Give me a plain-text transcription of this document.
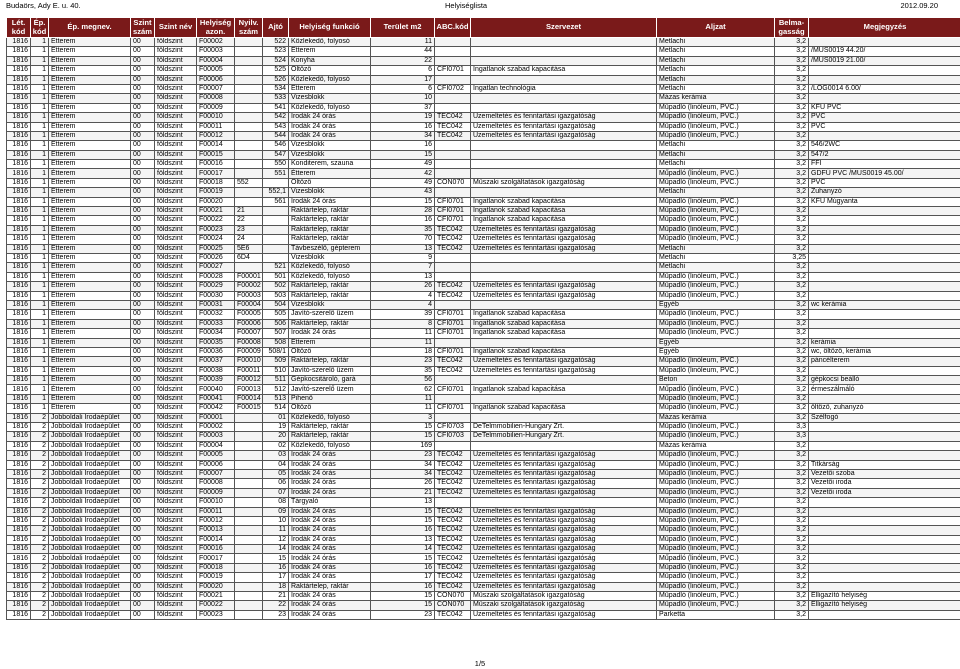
Budaörs, Ady E. u. 40.	Helyiséglista	2012.09.20
Lét. kód	Ép. kód	Ép. megnev.	Szint szám	Szint név	Helyiség azon.	Nyilv. szám	Ajtó	Helyiség funkció	Terület m2	ABC.kód	Szervezet	Aljzat	Belma-gasság	Megjegyzés
1816	1	Étterem	00	földszint	F00002		522	Közlekedő, folyosó	11			Metlachi	3,2	
1816	1	Étterem	00	földszint	F00003		523	Étterem	44			Metlachi	3,2	/MUS0019 44.20/
1816	1	Étterem	00	földszint	F00004		524	Konyha	22			Metlachi	3,2	/MUS0019 21.00/
1816	1	Étterem	00	földszint	F00005		525	Öltöző	6	CFI0701	Ingatlanok szabad kapacitása	Metlachi	3,2	
1816	1	Étterem	00	földszint	F00006		526	Közlekedő, folyosó	17			Metlachi	3,2	
1816	1	Étterem	00	földszint	F00007		534	Étterem	6	CFI0702	Ingatlan technológia	Metlachi	3,2	/LOG0014 6.00/
1816	1	Étterem	00	földszint	F00008		533	Vizesblokk	10			Mázas kerámia	3,2	
1816	1	Étterem	00	földszint	F00009		541	Közlekedő, folyosó	37			Műpadló (linóleum, PVC.)	3,2	KFÜ PVC
1816	1	Étterem	00	földszint	F00010		542	Irodák 24 órás	19	TEC042	Üzemeltetés és fenntartási igazgatóság	Műpadló (linóleum, PVC.)	3,2	PVC
1816	1	Étterem	00	földszint	F00011		543	Irodák 24 órás	16	TEC042	Üzemeltetés és fenntartási igazgatóság	Műpadló (linóleum, PVC.)	3,2	PVC
1816	1	Étterem	00	földszint	F00012		544	Irodák 24 órás	34	TEC042	Üzemeltetés és fenntartási igazgatóság	Műpadló (linóleum, PVC.)	3,2	
1816	1	Étterem	00	földszint	F00014		546	Vizesblokk	16			Metlachi	3,2	546/2WC
1816	1	Étterem	00	földszint	F00015		547	Vizesblokk	15			Metlachi	3,2	547/2
1816	1	Étterem	00	földszint	F00016		550	Konditerem, szauna	49			Metlachi	3,2	FFI
1816	1	Étterem	00	földszint	F00017		551	Étterem	42			Műpadló (linóleum, PVC.)	3,2	GDFÜ PVC /MUS0019 45.00/
1816	1	Étterem	00	földszint	F00018	552		Öltöző	49	CON070	Műszaki szolgáltatások igazgatóság	Műpadló (linóleum, PVC.)	3,2	PVC
1816	1	Étterem	00	földszint	F00019		552,1	Vizesblokk	43			Metlachi	3,2	Zuhanyzó
1816	1	Étterem	00	földszint	F00020		561	Irodák 24 órás	15	CFI0701	Ingatlanok szabad kapacitása	Műpadló (linóleum, PVC.)	3,2	KFÜ Múgyanta
1816	1	Étterem	00	földszint	F00021	21		Raktártelep, raktár	28	CFI0701	Ingatlanok szabad kapacitása	Műpadló (linóleum, PVC.)	3,2	
1816	1	Étterem	00	földszint	F00022	22		Raktártelep, raktár	16	CFI0701	Ingatlanok szabad kapacitása	Műpadló (linóleum, PVC.)	3,2	
1816	1	Étterem	00	földszint	F00023	23		Raktártelep, raktár	35	TEC042	Üzemeltetés és fenntartási igazgatóság	Műpadló (linóleum, PVC.)	3,2	
1816	1	Étterem	00	földszint	F00024	24		Raktártelep, raktár	70	TEC042	Üzemeltetés és fenntartási igazgatóság	Műpadló (linóleum, PVC.)	3,2	
1816	1	Étterem	00	földszint	F00025	5E6		Távbeszélő, gépterem	13	TEC042	Üzemeltetés és fenntartási igazgatóság	Metlachi	3,2	
1816	1	Étterem	00	földszint	F00026	6D4		Vizesblokk	9			Metlachi	3,25	
1816	1	Étterem	00	földszint	F00027		521	Közlekedő, folyosó	7			Metlachi	3,2	
1816	1	Étterem	00	földszint	F00028	F00001	501	Közlekedő, folyosó	13			Műpadló (linóleum, PVC.)	3,2	
1816	1	Étterem	00	földszint	F00029	F00002	502	Raktártelep, raktár	26	TEC042	Üzemeltetés és fenntartási igazgatóság	Műpadló (linóleum, PVC.)	3,2	
1816	1	Étterem	00	földszint	F00030	F00003	503	Raktártelep, raktár	4	TEC042	Üzemeltetés és fenntartási igazgatóság	Műpadló (linóleum, PVC.)	3,2	
1816	1	Étterem	00	földszint	F00031	F00004	504	Vizesblokk	4			Egyéb	3,2	wc kerámia
1816	1	Étterem	00	földszint	F00032	F00005	505	Javító-szerelő üzem	39	CFI0701	Ingatlanok szabad kapacitása	Műpadló (linóleum, PVC.)	3,2	
1816	1	Étterem	00	földszint	F00033	F00006	506	Raktártelep, raktár	8	CFI0701	Ingatlanok szabad kapacitása	Műpadló (linóleum, PVC.)	3,2	
1816	1	Étterem	00	földszint	F00034	F00007	507	Irodák 24 órás	11	CFI0701	Ingatlanok szabad kapacitása	Műpadló (linóleum, PVC.)	3,2	
1816	1	Étterem	00	földszint	F00035	F00008	508	Étterem	11			Egyéb	3,2	kerámia
1816	1	Étterem	00	földszint	F00036	F00009	508/1	Öltöző	18	CFI0701	Ingatlanok szabad kapacitása	Egyéb	3,2	wc, öltöző, kerámia
1816	1	Étterem	00	földszint	F00037	F00010	509	Raktártelep, raktár	23	TEC042	Üzemeltetés és fenntartási igazgatóság	Műpadló (linóleum, PVC.)	3,2	páncélterem
1816	1	Étterem	00	földszint	F00038	F00011	510	Javító-szerelő üzem	35	TEC042	Üzemeltetés és fenntartási igazgatóság	Műpadló (linóleum, PVC.)	3,2	
1816	1	Étterem	00	földszint	F00039	F00012	511	Gépkocsitároló, gará	56			Beton	3,2	gépkocsi beálló
1816	1	Étterem	00	földszint	F00040	F00013	512	Javító-szerelő üzem	62	CFI0701	Ingatlanok szabad kapacitása	Műpadló (linóleum, PVC.)	3,2	érmeszálmáló
1816	1	Étterem	00	földszint	F00041	F00014	513	Pihenő	11			Műpadló (linóleum, PVC.)	3,2	
1816	1	Étterem	00	földszint	F00042	F00015	514	Öltöző	11	CFI0701	Ingatlanok szabad kapacitása	Műpadló (linóleum, PVC.)	3,2	öltöző, zuhanyzó
1816	2	Jobboldali Irodaépület	00	földszint	F00001		01	Közlekedő, folyosó	3			Mázas kerámia	3,2	Szélfogó
1816	2	Jobboldali Irodaépület	00	földszint	F00002		19	Raktártelep, raktár	15	CFI0703	DeTelmmobilien-Hungary Zrt.	Műpadló (linóleum, PVC.)	3,3	
1816	2	Jobboldali Irodaépület	00	földszint	F00003		20	Raktártelep, raktár	15	CFI0703	DeTelmmobilien-Hungary Zrt.	Műpadló (linóleum, PVC.)	3,3	
1816	2	Jobboldali Irodaépület	00	földszint	F00004		02	Közlekedő, folyosó	169			Mázas kerámia	3,2	
1816	2	Jobboldali Irodaépület	00	földszint	F00005		03	Irodák 24 órás	23	TEC042	Üzemeltetés és fenntartási igazgatóság	Műpadló (linóleum, PVC.)	3,2	
1816	2	Jobboldali Irodaépület	00	földszint	F00006		04	Irodák 24 órás	34	TEC042	Üzemeltetés és fenntartási igazgatóság	Műpadló (linóleum, PVC.)	3,2	Titkárság
1816	2	Jobboldali Irodaépület	00	földszint	F00007		05	Irodák 24 órás	34	TEC042	Üzemeltetés és fenntartási igazgatóság	Műpadló (linóleum, PVC.)	3,2	Vezetői szoba
1816	2	Jobboldali Irodaépület	00	földszint	F00008		06	Irodák 24 órás	26	TEC042	Üzemeltetés és fenntartási igazgatóság	Műpadló (linóleum, PVC.)	3,2	Vezetői iroda
1816	2	Jobboldali Irodaépület	00	földszint	F00009		07	Irodák 24 órás	21	TEC042	Üzemeltetés és fenntartási igazgatóság	Műpadló (linóleum, PVC.)	3,2	Vezetői iroda
1816	2	Jobboldali Irodaépület	00	földszint	F00010		08	Tárgyaló	13			Műpadló (linóleum, PVC.)	3,2	
1816	2	Jobboldali Irodaépület	00	földszint	F00011		09	Irodák 24 órás	15	TEC042	Üzemeltetés és fenntartási igazgatóság	Műpadló (linóleum, PVC.)	3,2	
1816	2	Jobboldali Irodaépület	00	földszint	F00012		10	Irodák 24 órás	15	TEC042	Üzemeltetés és fenntartási igazgatóság	Műpadló (linóleum, PVC.)	3,2	
1816	2	Jobboldali Irodaépület	00	földszint	F00013		11	Irodák 24 órás	16	TEC042	Üzemeltetés és fenntartási igazgatóság	Műpadló (linóleum, PVC.)	3,2	
1816	2	Jobboldali Irodaépület	00	földszint	F00014		12	Irodák 24 órás	13	TEC042	Üzemeltetés és fenntartási igazgatóság	Műpadló (linóleum, PVC.)	3,2	
1816	2	Jobboldali Irodaépület	00	földszint	F00016		14	Irodák 24 órás	14	TEC042	Üzemeltetés és fenntartási igazgatóság	Műpadló (linóleum, PVC.)	3,2	
1816	2	Jobboldali Irodaépület	00	földszint	F00017		15	Irodák 24 órás	15	TEC042	Üzemeltetés és fenntartási igazgatóság	Műpadló (linóleum, PVC.)	3,2	
1816	2	Jobboldali Irodaépület	00	földszint	F00018		16	Irodák 24 órás	16	TEC042	Üzemeltetés és fenntartási igazgatóság	Műpadló (linóleum, PVC.)	3,2	
1816	2	Jobboldali Irodaépület	00	földszint	F00019		17	Irodák 24 órás	17	TEC042	Üzemeltetés és fenntartási igazgatóság	Műpadló (linóleum, PVC.)	3,2	
1816	2	Jobboldali Irodaépület	00	földszint	F00020		18	Raktártelep, raktár	16	TEC042	Üzemeltetés és fenntartási igazgatóság	Műpadló (linóleum, PVC.)	3,2	
1816	2	Jobboldali Irodaépület	00	földszint	F00021		21	Irodák 24 órás	15	CON070	Műszaki szolgáltatások igazgatóság	Műpadló (linóleum, PVC.)	3,2	Elligazító helyiség
1816	2	Jobboldali Irodaépület	00	földszint	F00022		22	Irodák 24 órás	15	CON070	Műszaki szolgáltatások igazgatóság	Műpadló (linóleum, PVC.)	3,2	Elligazító helyiség
1816	2	Jobboldali Irodaépület	00	földszint	F00023		23	Irodák 24 órás	23	TEC042	Üzemeltetés és fenntartási igazgatóság	Parketta	3,2	
1/5
